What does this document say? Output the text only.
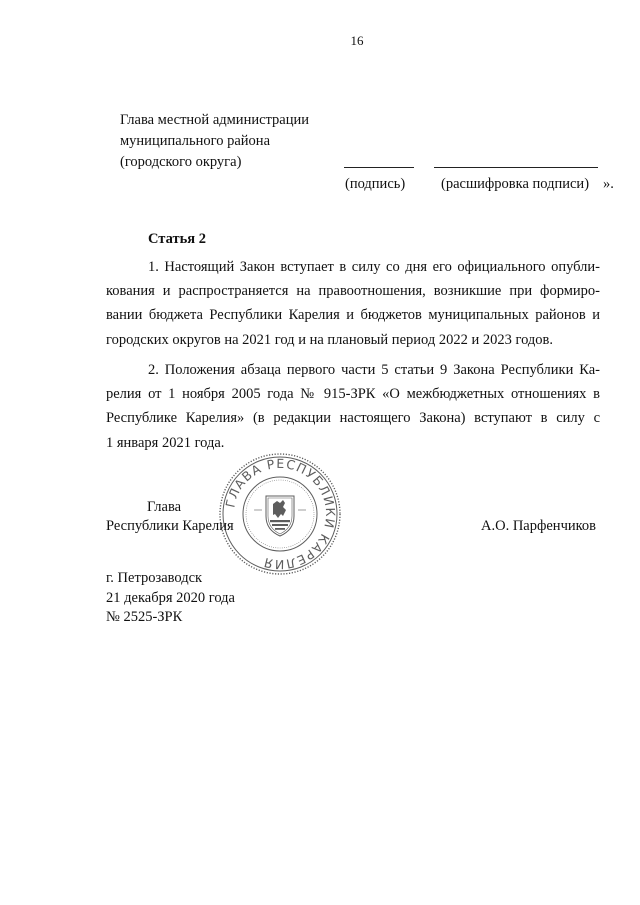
16
Глава местной администрации
муниципального района
(городского округа)
(подпись) (расшифровка подписи) ».
Статья 2
1. Настоящий Закон вступает в силу со дня его официального опубли-
кования и распространяется на правоотношения, возникшие при формиро-
вании бюджета Республики Карелия и бюджетов муниципальных районов и
городских округов на 2021 год и на плановый период 2022 и 2023 годов.
2. Положения абзаца первого части 5 статьи 9 Закона Республики Ка-
релия от 1 ноября 2005 года № 915-ЗРК «О межбюджетных отношениях в
Республике Карелия» (в редакции настоящего Закона) вступают в силу с
1 января 2021 года.
ГЛАВА РЕСПУБЛИКИ КАРЕЛИЯ
Глава
Республики Карелия	А.О. Парфенчиков
г. Петрозаводск
21 декабря 2020 года
№ 2525-ЗРК
